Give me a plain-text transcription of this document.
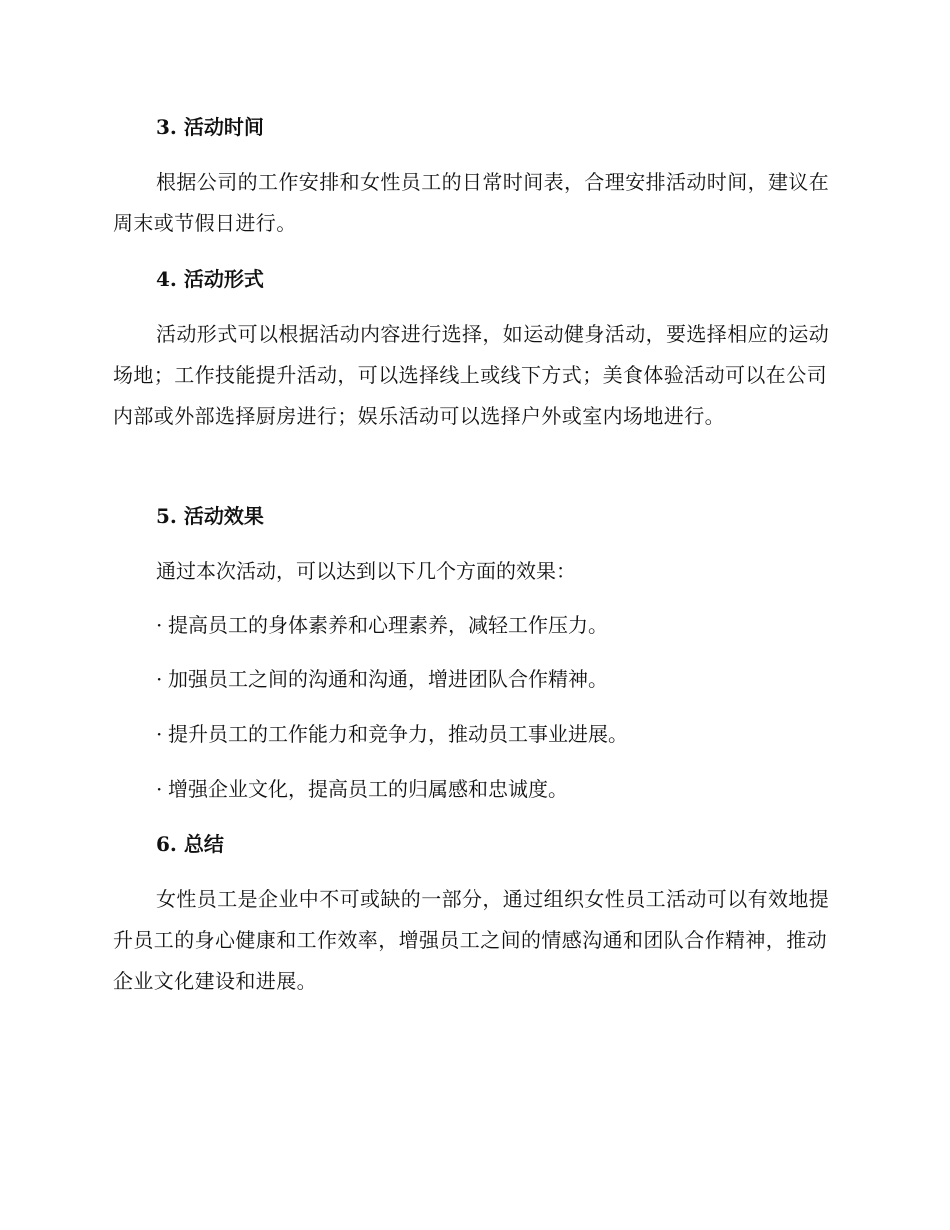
3. 活动时间
根据公司的工作安排和女性员工的日常时间表，合理安排活动时间，建议在周末或节假日进行。
4. 活动形式
活动形式可以根据活动内容进行选择，如运动健身活动，要选择相应的运动场地；工作技能提升活动，可以选择线上或线下方式；美食体验活动可以在公司内部或外部选择厨房进行；娱乐活动可以选择户外或室内场地进行。
5. 活动效果
通过本次活动，可以达到以下几个方面的效果：
· 提高员工的身体素养和心理素养，减轻工作压力。
· 加强员工之间的沟通和沟通，增进团队合作精神。
· 提升员工的工作能力和竞争力，推动员工事业进展。
· 增强企业文化，提高员工的归属感和忠诚度。
6. 总结
女性员工是企业中不可或缺的一部分，通过组织女性员工活动可以有效地提升员工的身心健康和工作效率，增强员工之间的情感沟通和团队合作精神，推动企业文化建设和进展。
